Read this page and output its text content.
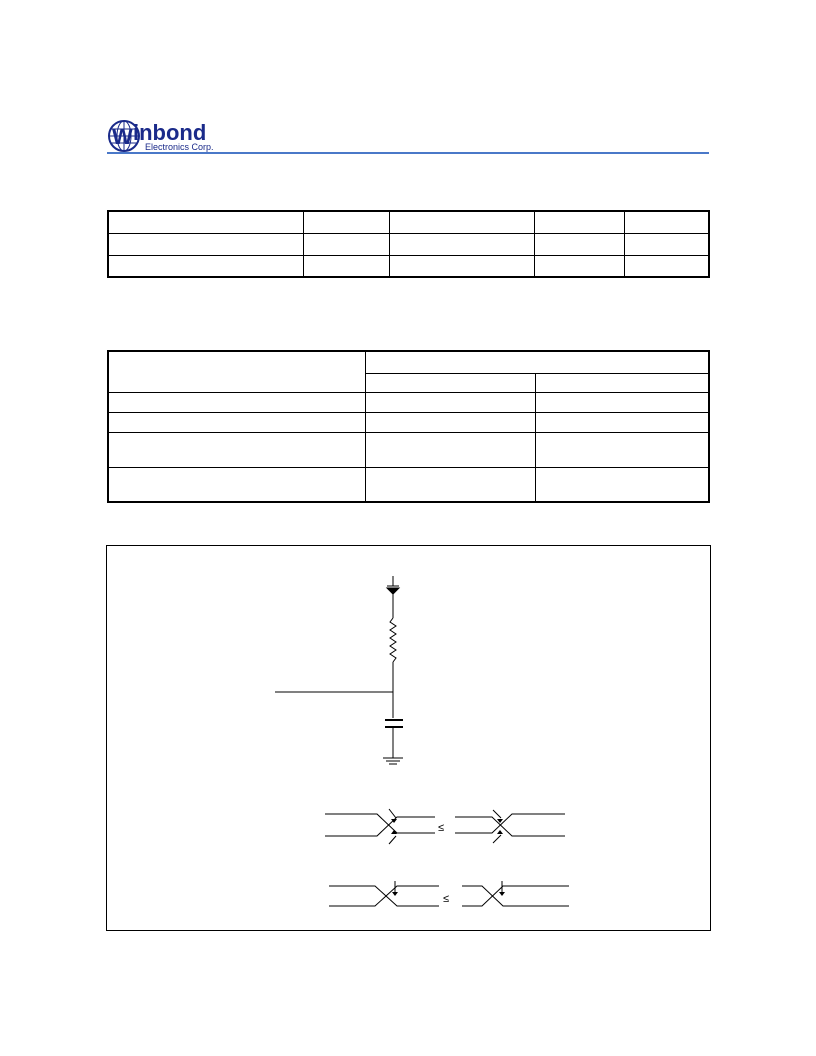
W inbond
Electronics Corp.

≤
≤
